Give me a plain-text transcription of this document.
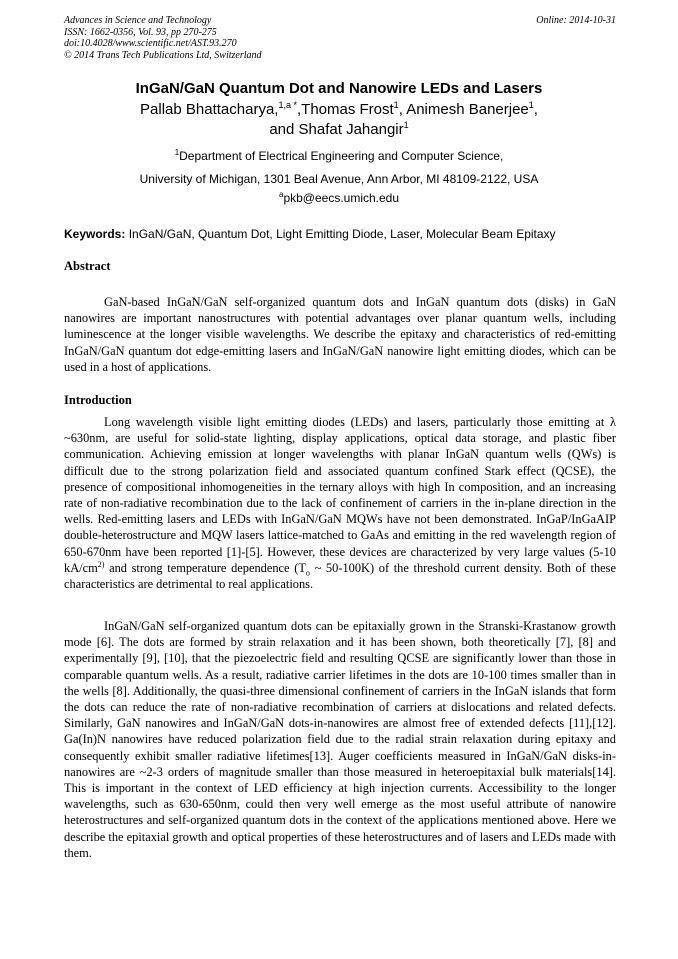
Advances in Science and Technology
ISSN: 1662-0356, Vol. 93, pp 270-275
doi:10.4028/www.scientific.net/AST.93.270
© 2014 Trans Tech Publications Ltd, Switzerland
Online: 2014-10-31
InGaN/GaN Quantum Dot and Nanowire LEDs and Lasers
Pallab Bhattacharya,$^{1,a *}$,Thomas Frost$^1$, Animesh Banerjee$^1$,
and Shafat Jahangir$^1$
$^1$Department of Electrical Engineering and Computer Science,
University of Michigan, 1301 Beal Avenue, Ann Arbor, MI 48109-2122, USA
$^a$pkb@eecs.umich.edu
Keywords: InGaN/GaN, Quantum Dot, Light Emitting Diode, Laser, Molecular Beam Epitaxy
Abstract
GaN-based InGaN/GaN self-organized quantum dots and InGaN quantum dots (disks) in GaN nanowires are important nanostructures with potential advantages over planar quantum wells, including luminescence at the longer visible wavelengths. We describe the epitaxy and characteristics of red-emitting InGaN/GaN quantum dot edge-emitting lasers and InGaN/GaN nanowire light emitting diodes, which can be used in a host of applications.
Introduction
Long wavelength visible light emitting diodes (LEDs) and lasers, particularly those emitting at λ ~630nm, are useful for solid-state lighting, display applications, optical data storage, and plastic fiber communication. Achieving emission at longer wavelengths with planar InGaN quantum wells (QWs) is difficult due to the strong polarization field and associated quantum confined Stark effect (QCSE), the presence of compositional inhomogeneities in the ternary alloys with high In composition, and an increasing rate of non-radiative recombination due to the lack of confinement of carriers in the in-plane direction in the wells. Red-emitting lasers and LEDs with InGaN/GaN MQWs have not been demonstrated. InGaP/InGaAIP double-heterostructure and MQW lasers lattice-matched to GaAs and emitting in the red wavelength region of 650-670nm have been reported [1]-[5]. However, these devices are characterized by very large values (5-10 $kA/cm^{2)}$ and strong temperature dependence ($T_o$ ~ 50-100K) of the threshold current density. Both of these characteristics are detrimental to real applications.
InGaN/GaN self-organized quantum dots can be epitaxially grown in the Stranski-Krastanow growth mode [6]. The dots are formed by strain relaxation and it has been shown, both theoretically [7], [8] and experimentally [9], [10], that the piezoelectric field and resulting QCSE are significantly lower than those in comparable quantum wells. As a result, radiative carrier lifetimes in the dots are 10-100 times smaller than in the wells [8]. Additionally, the quasi-three dimensional confinement of carriers in the InGaN islands that form the dots can reduce the rate of non-radiative recombination of carriers at dislocations and related defects. Similarly, GaN nanowires and InGaN/GaN dots-in-nanowires are almost free of extended defects [11],[12]. Ga(In)N nanowires have reduced polarization field due to the radial strain relaxation during epitaxy and consequently exhibit smaller radiative lifetimes[13]. Auger coefficients measured in InGaN/GaN disks-in-nanowires are ~2-3 orders of magnitude smaller than those measured in heteroepitaxial bulk materials[14]. This is important in the context of LED efficiency at high injection currents. Accessibility to the longer wavelengths, such as 630-650nm, could then very well emerge as the most useful attribute of nanowire heterostructures and self-organized quantum dots in the context of the applications mentioned above. Here we describe the epitaxial growth and optical properties of these heterostructures and of lasers and LEDs made with them.
